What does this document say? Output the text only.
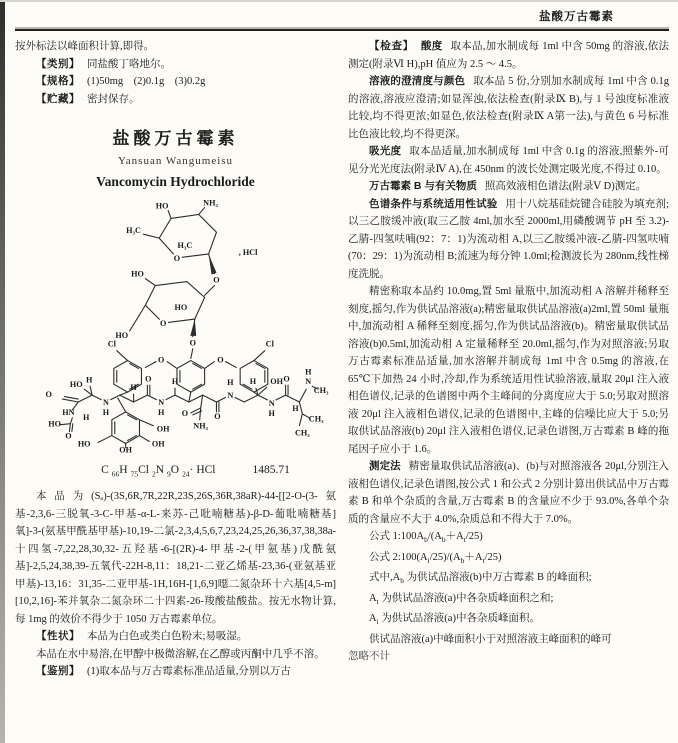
盐酸万古霉素

按外标法以峰面积计算,即得。

【类别】 同盐酸丁咯地尔。

【规格】 (1)50mg　(2)0.1g　(3)0.2g

【贮藏】 密封保存。

盐酸万古霉素
Yansuan Wangumeisu
Vancomycin Hydrochloride
HO	NH₂
H₃C
H₃C
, HCl
O
O
HO
HO
O
HO
O
Cl
O	O
Cl
HO
H
O
HN
HO
O
H
N
H
O
H
N
H
H
O
N
H
O
NH₂
H OH
N
H
O
H
N
H
CH₃
CH₃
CH₃
HO
OH
OH
OH
C $_{66}$H $_{75}$Cl $_2$N $_9$O $_{24}$· HCl	1485.71

本品为(Sₐ)-(3S,6R,7R,22R,23S,26S,36R,38aR)-44-[[2-O-(3-氨基-2,3,6-三脱氧-3-C-甲基-α-L-来苏-己吡喃糖基)-β-D-葡吡喃糖基]氧]-3-(氨基甲酰基甲基)-10,19-二氯-2,3,4,5,6,7,23,24,25,26,36,37,38,38a-十四氢-7,22,28,30,32-五羟基-6-[(2R)-4-甲基-2-(甲氨基)戊酰氨基]-2,5,24,38,39-五氧代-22H-8,11：18,21-二亚乙烯基-23,36-(亚氨基亚甲基)-13,16：31,35-二亚甲基-1H,16H-[1,6,9]噁二氮杂环十六基[4,5-m][10,2,16]-苯并氧杂二氮杂环二十四素-26-羧酸盐酸盐。按无水物计算,每 1mg 的效价不得少于 1050 万古霉素单位。

【性状】 本品为白色或类白色粉末;易吸湿。

本品在水中易溶,在甲醇中极微溶解,在乙醇或丙酮中几乎不溶。

【鉴别】 (1)取本品与万古霉素标准品适量,分别以万古

【检查】 酸度 取本品,加水制成每 1ml 中含 50mg 的溶液,依法测定(附录Ⅵ H),pH 值应为 2.5 ～ 4.5。

溶液的澄清度与颜色 取本品 5 份,分别加水制成每 1ml 中含 0.1g 的溶液,溶液应澄清;如显浑浊,依法检查(附录Ⅸ B),与 1 号浊度标准液比较,均不得更浓;如显色,依法检查(附录Ⅸ A第一法),与黄色 6 号标准比色液比较,均不得更深。

吸光度 取本品适量,加水制成每 1ml 中含 0.1g 的溶液,照紫外-可见分光光度法(附录Ⅳ A),在 450nm 的波长处测定吸光度,不得过 0.10。

万古霉素 B 与有关物质 照高效液相色谱法(附录Ⅴ D)测定。

色谱条件与系统适用性试验 用十八烷基硅烷键合硅胶为填充剂;以三乙胺缓冲液(取三乙胺 4ml,加水至 2000ml,用磷酸调节 pH 至 3.2)-乙腈-四氢呋喃(92：7：1)为流动相 A,以三乙胺缓冲液-乙腈-四氢呋喃(70：29：1)为流动相 B;流速为每分钟 1.0ml;检测波长为 280nm,线性梯度洗脱。

精密称取本品约 10.0mg,置 5ml 量瓶中,加流动相 A 溶解并稀释至刻度,摇匀,作为供试品溶液(a);精密量取供试品溶液(a)2ml,置 50ml 量瓶中,加流动相 A 稀释至刻度,摇匀,作为供试品溶液(b)。精密量取供试品溶液(b)0.5ml,加流动相 A 定量稀释至 20.0ml,摇匀,作为对照溶液;另取万古霉素标准品适量,加水溶解并制成每 1ml 中含 0.5mg 的溶液,在 65℃下加热 24 小时,冷却,作为系统适用性试验溶液,量取 20μl 注入液相色谱仪,记录的色谱图中两个主峰间的分离度应大于 5.0;另取对照溶液 20μl 注入液相色谱仪,记录的色谱图中,主峰的信噪比应大于 5.0;另取供试品溶液(b) 20μl 注入液相色谱仪,记录色谱图,万古霉素 B 峰的拖尾因子应小于 1.6。

测定法 精密量取供试品溶液(a)、(b)与对照溶液各 20μl,分别注入液相色谱仪,记录色谱图,按公式 1 和公式 2 分别计算出供试品中万古霉素 B 和单个杂质的含量,万古霉素 B 的含量应不少于 93.0%,各单个杂质的含量应不大于 4.0%,杂质总和不得大于 7.0%。

公式 $1:100A_b/(A_b+A_t/25)$

公式 $2:100(A_i/25)/(A_b+A_t/25)$

式中$,A_b$ 为供试品溶液(b)中万古霉素 B 的峰面积;

$A_t$ 为供试品溶液(a)中各杂质峰面积之和;

$A_i$ 为供试品溶液(a)中各杂质峰面积。

供试品溶液(a)中峰面积小于对照溶液主峰面积的峰可

忽略不计
